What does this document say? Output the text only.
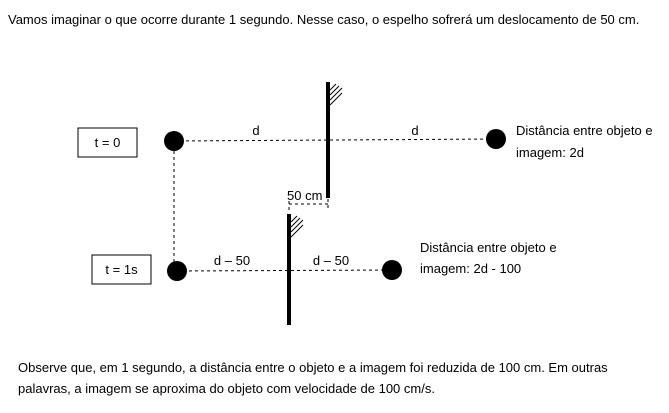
Vamos imaginar o que ocorre durante 1 segundo. Nesse caso, o espelho sofrerá um deslocamento de 50 cm.

t = 0
d	d	Distância entre objeto e
imagem: 2d
50 cm
t = 1s
d – 50	d – 50
Distância entre objeto e
imagem: 2d - 100

Observe que, em 1 segundo, a distância entre o objeto e a imagem foi reduzida de 100 cm. Em outras palavras, a imagem se aproxima do objeto com velocidade de 100 cm/s.
